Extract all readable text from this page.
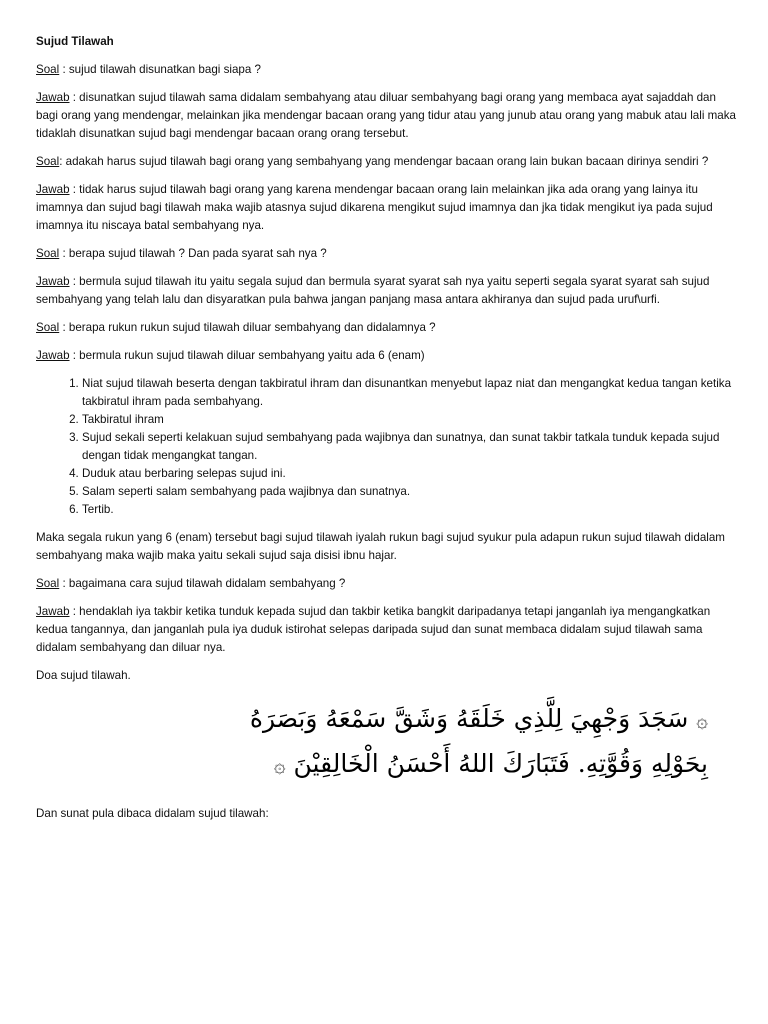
Sujud Tilawah

Soal : sujud tilawah disunatkan bagi siapa ?

Jawab : disunatkan sujud tilawah sama didalam sembahyang atau diluar sembahyang bagi orang yang membaca ayat sajaddah dan bagi orang yang mendengar, melainkan jika mendengar bacaan orang yang tidur atau yang junub atau orang yang mabuk atau lali maka tidaklah disunatkan sujud bagi mendengar bacaan orang orang tersebut.

Soal: adakah harus sujud tilawah bagi orang yang sembahyang yang mendengar bacaan orang lain bukan bacaan dirinya sendiri ?

Jawab : tidak harus sujud tilawah bagi orang yang karena mendengar bacaan orang lain melainkan jika ada orang yang lainya itu imamnya dan sujud bagi tilawah maka wajib atasnya sujud dikarena mengikut sujud imamnya dan jka tidak mengikut iya pada sujud imamnya itu niscaya batal sembahyang nya.

Soal : berapa sujud tilawah ? Dan pada syarat sah nya ?

Jawab : bermula sujud tilawah itu yaitu segala sujud dan bermula syarat syarat sah nya yaitu seperti segala syarat syarat sah sujud sembahyang yang telah lalu dan disyaratkan pula bahwa jangan panjang masa antara akhiranya dan sujud pada uruf\urfi.

Soal : berapa rukun rukun sujud tilawah diluar sembahyang dan didalamnya ?

Jawab : bermula rukun sujud tilawah diluar sembahyang yaitu ada 6 (enam)

1. Niat sujud tilawah beserta dengan takbiratul ihram dan disunantkan menyebut lapaz niat dan mengangkat kedua tangan ketika takbiratul ihram pada sembahyang.
2. Takbiratul ihram
3. Sujud sekali seperti kelakuan sujud sembahyang pada wajibnya dan sunatnya, dan sunat takbir tatkala tunduk kepada sujud dengan tidak mengangkat tangan.
4. Duduk atau berbaring selepas sujud ini.
5. Salam seperti salam sembahyang pada wajibnya dan sunatnya.
6. Tertib.

Maka segala rukun yang 6 (enam) tersebut bagi sujud tilawah iyalah rukun bagi sujud syukur pula adapun rukun sujud tilawah didalam sembahyang maka wajib maka yaitu sekali sujud saja disisi ibnu hajar.

Soal : bagaimana cara sujud tilawah didalam sembahyang ?

Jawab : hendaklah iya takbir ketika tunduk kepada sujud dan takbir ketika bangkit daripadanya tetapi janganlah iya mengangkatkan kedua tangannya, dan janganlah pula iya duduk istirohat selepas daripada sujud dan sunat membaca didalam sujud tilawah sama didalam sembahyang dan diluar nya.

Doa sujud tilawah.

۞ سَجَدَ وَجْهِيَ لِلَّذِي خَلَقَهُ وَشَقَّ سَمْعَهُ وَبَصَرَهُ
بِحَوْلِهِ وَقُوَّتِهِ. فَتَبَارَكَ اللهُ أَحْسَنُ الْخَالِقِيْنَ ۞

Dan sunat pula dibaca didalam sujud tilawah:
